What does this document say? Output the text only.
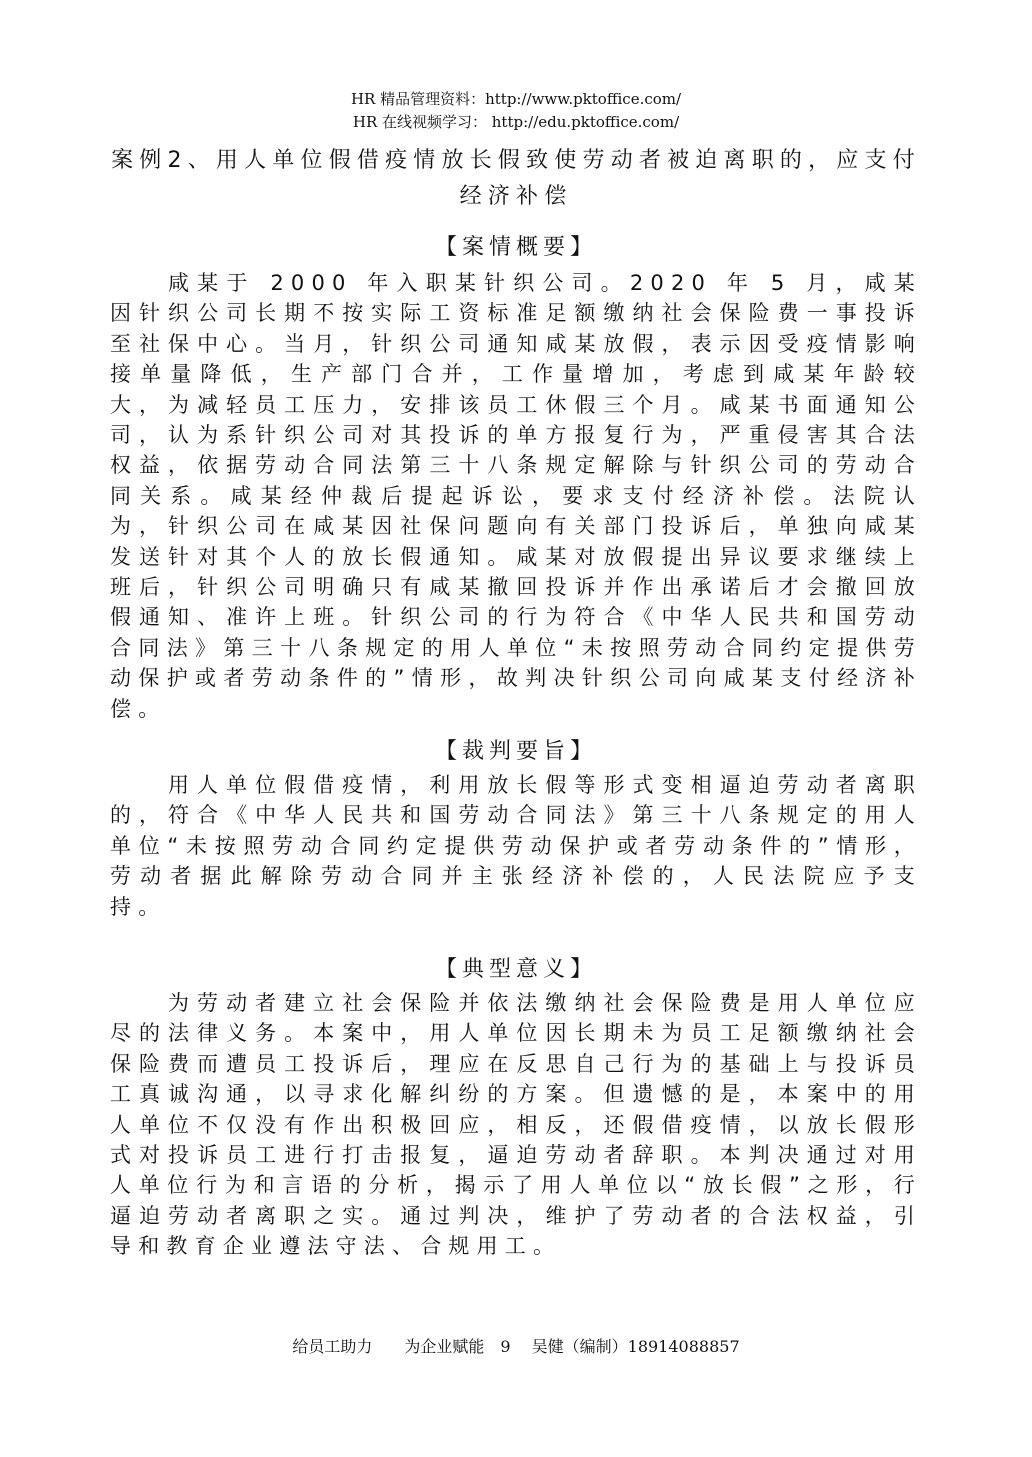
HR 精品管理资料：http://www.pktoffice.com/
HR 在线视频学习： http://edu.pktoffice.com/
案例2、用人单位假借疫情放长假致使劳动者被迫离职的，应支付经济补偿
【案情概要】

咸某于 2000 年入职某针织公司。2020 年 5 月，咸某因针织公司长期不按实际工资标准足额缴纳社会保险费一事投诉至社保中心。当月，针织公司通知咸某放假，表示因受疫情影响接单量降低，生产部门合并，工作量增加，考虑到咸某年龄较大，为减轻员工压力，安排该员工休假三个月。咸某书面通知公司，认为系针织公司对其投诉的单方报复行为，严重侵害其合法权益，依据劳动合同法第三十八条规定解除与针织公司的劳动合同关系。咸某经仲裁后提起诉讼，要求支付经济补偿。法院认为，针织公司在咸某因社保问题向有关部门投诉后，单独向咸某发送针对其个人的放长假通知。咸某对放假提出异议要求继续上班后，针织公司明确只有咸某撤回投诉并作出承诺后才会撤回放假通知、准许上班。针织公司的行为符合《中华人民共和国劳动合同法》第三十八条规定的用人单位“未按照劳动合同约定提供劳动保护或者劳动条件的”情形，故判决针织公司向咸某支付经济补偿。

【裁判要旨】

用人单位假借疫情，利用放长假等形式变相逼迫劳动者离职的，符合《中华人民共和国劳动合同法》第三十八条规定的用人单位“未按照劳动合同约定提供劳动保护或者劳动条件的”情形，劳动者据此解除劳动合同并主张经济补偿的，人民法院应予支持。

【典型意义】

为劳动者建立社会保险并依法缴纳社会保险费是用人单位应尽的法律义务。本案中，用人单位因长期未为员工足额缴纳社会保险费而遭员工投诉后，理应在反思自己行为的基础上与投诉员工真诚沟通，以寻求化解纠纷的方案。但遗憾的是，本案中的用人单位不仅没有作出积极回应，相反，还假借疫情，以放长假形式对投诉员工进行打击报复，逼迫劳动者辞职。本判决通过对用人单位行为和言语的分析，揭示了用人单位以“放长假”之形，行逼迫劳动者离职之实。通过判决，维护了劳动者的合法权益，引导和教育企业遵法守法、合规用工。

给员工助力　　为企业赋能　9　 吴健（编制）18914088857
